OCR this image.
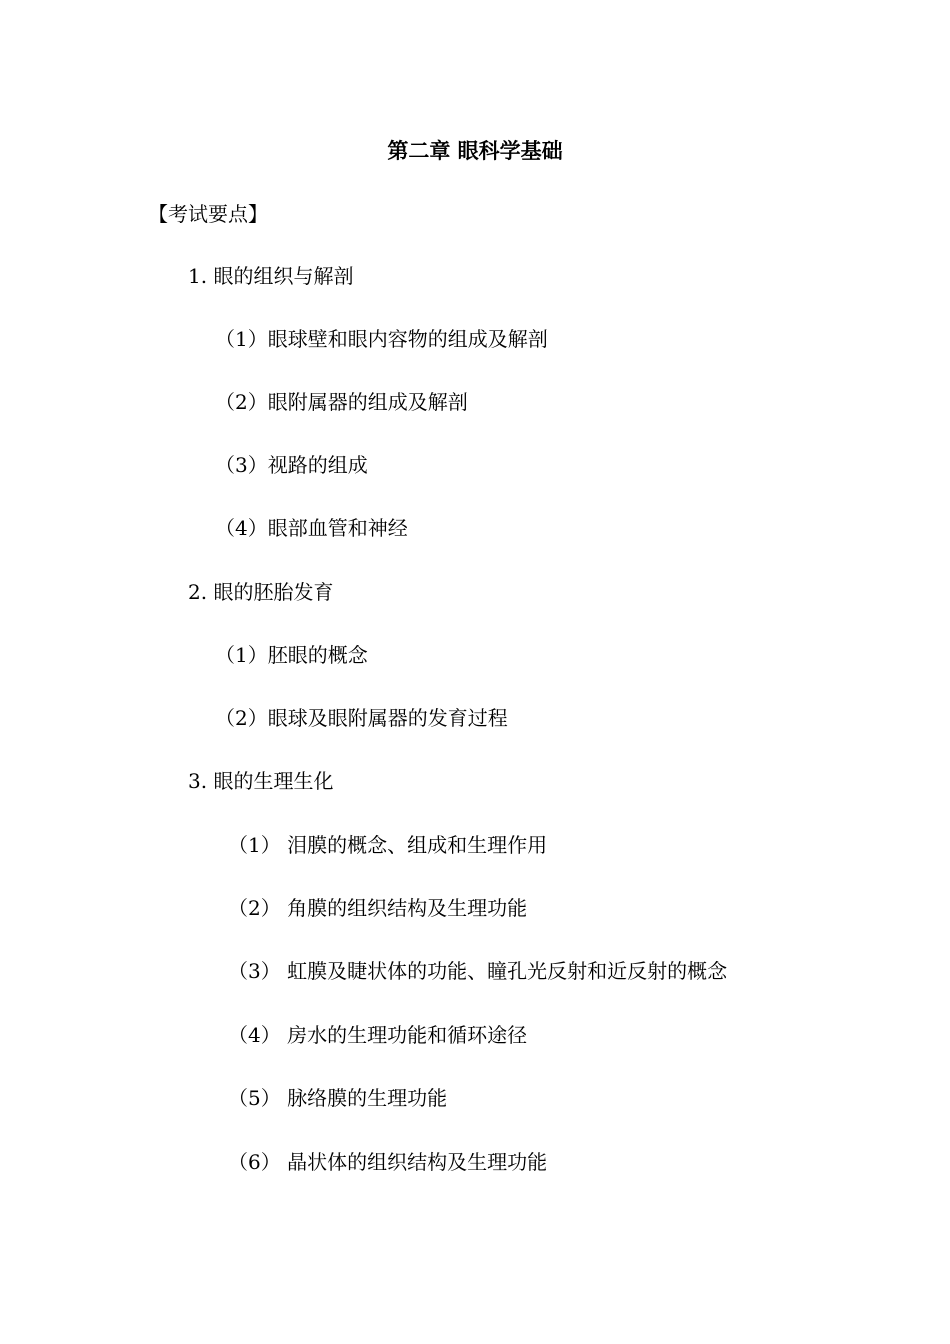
第二章 眼科学基础
【考试要点】
1. 眼的组织与解剖
（1）眼球壁和眼内容物的组成及解剖
（2）眼附属器的组成及解剖
（3）视路的组成
（4）眼部血管和神经
2. 眼的胚胎发育
（1）胚眼的概念
（2）眼球及眼附属器的发育过程
3. 眼的生理生化
（1） 泪膜的概念、组成和生理作用
（2） 角膜的组织结构及生理功能
（3） 虹膜及睫状体的功能、瞳孔光反射和近反射的概念
（4） 房水的生理功能和循环途径
（5） 脉络膜的生理功能
（6） 晶状体的组织结构及生理功能
